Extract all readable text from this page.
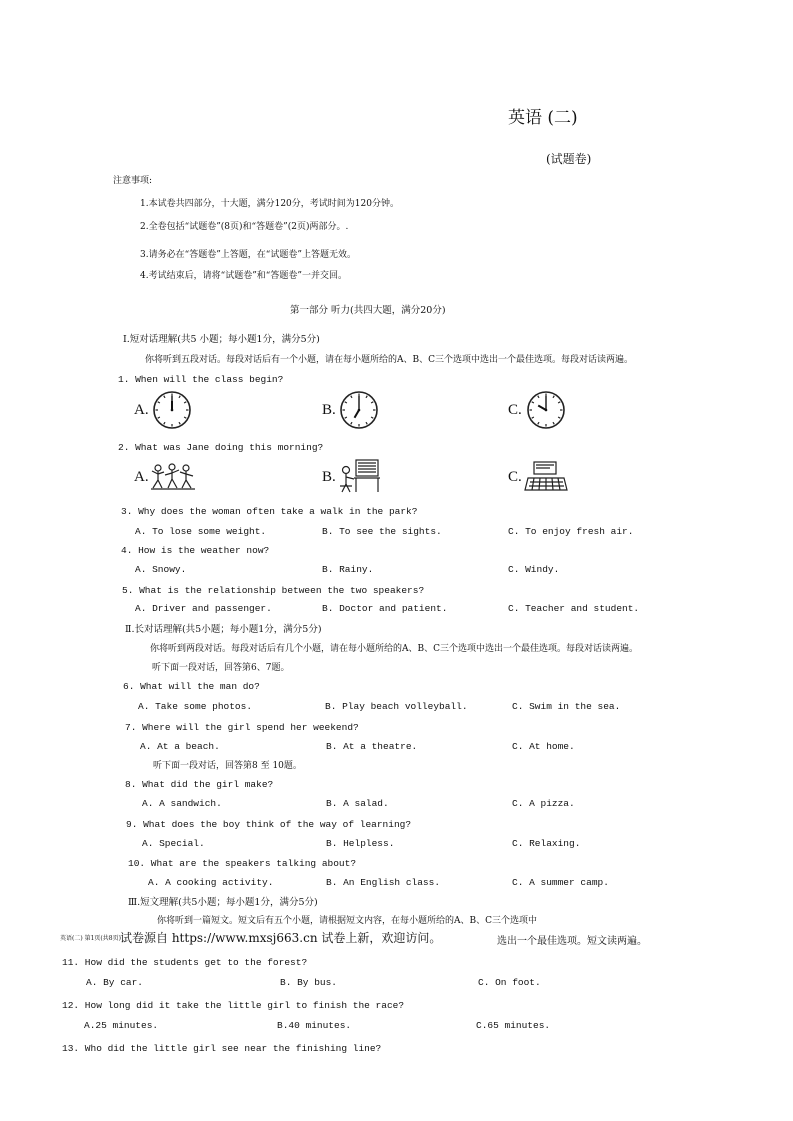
英语 (二)
(试题卷)
注意事项:
1.本试卷共四部分，十大题，满分120分，考试时间为120分钟。
2.全卷包括“试题卷”(8页)和“答题卷”(2页)两部分。.
3.请务必在“答题卷”上答题，在“试题卷”上答题无效。
4.考试结束后，请将“试题卷”和“答题卷”一并交回。
第一部分 听力(共四大题，满分20分)
Ⅰ.短对话理解(共5 小题；每小题1分，满分5分)
你将听到五段对话。每段对话后有一个小题，请在每小题所给的A、B、C三个选项中选出一个最佳选项。每段对话读两遍。
1. When will the class begin?
A.	B.	C.
2. What was Jane doing this morning?
A.	B.	C.
3. Why does the woman often take a walk in the park?
A. To lose some weight.	B. To see the sights.	C. To enjoy fresh air.
4. How is the weather now?
A. Snowy.	B. Rainy.	C. Windy.
5. What is the relationship between the two speakers?
A. Driver and passenger.	B. Doctor and patient.	C. Teacher and student.
Ⅱ.长对话理解(共5小题；每小题1分，满分5分)
你将听到两段对话。每段对话后有几个小题，请在每小题所给的A、B、C三个选项中选出一个最佳选项。每段对话读两遍。
听下面一段对话，回答第6、7题。
6. What will the man do?
A. Take some photos.	B. Play beach volleyball.	C. Swim in the sea.
7. Where will the girl spend her weekend?
A. At a beach.	B. At a theatre.	C. At home.
听下面一段对话，回答第8 至 10题。
8. What did the girl make?
A. A sandwich.	B. A salad.	C. A pizza.
9. What does the boy think of the way of learning?
A. Special.	B. Helpless.	C. Relaxing.
10. What are the speakers talking about?
A. A cooking activity.	B. An English class.	C. A summer camp.
Ⅲ.短文理解(共5小题；每小题1分，满分5分)
你将听到一篇短文。短文后有五个小题，请根据短文内容，在每小题所给的A、B、C三个选项中
英语(二) 第1页(共8页) 试卷源自 https://www.mxsj663.cn 试卷上新，欢迎访问。	选出一个最佳选项。短文读两遍。
11. How did the students get to the forest?
A. By car.	B. By bus.	C. On foot.
12. How long did it take the little girl to finish the race?
A.25 minutes.	B.40 minutes.	C.65 minutes.
13. Who did the little girl see near the finishing line?
